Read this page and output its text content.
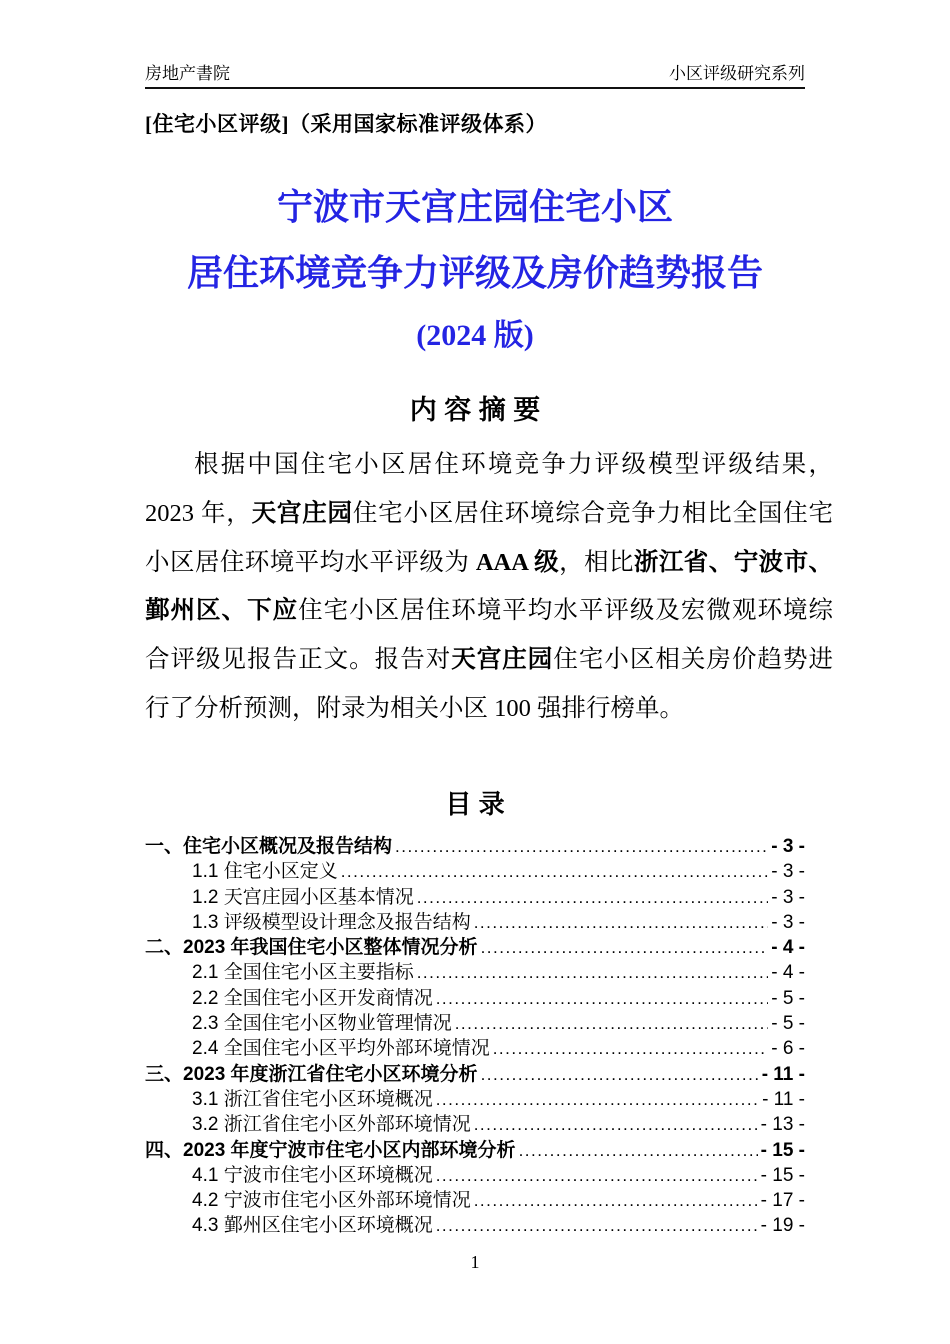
房地产書院	小区评级研究系列
[住宅小区评级]（采用国家标准评级体系）
宁波市天宫庄园住宅小区
居住环境竞争力评级及房价趋势报告
(2024 版)
内 容 摘 要
根据中国住宅小区居住环境竞争力评级模型评级结果，
2023 年，天宫庄园住宅小区居住环境综合竞争力相比全国住宅
小区居住环境平均水平评级为 AAA 级，相比浙江省、宁波市、
鄞州区、下应住宅小区居住环境平均水平评级及宏微观环境综
合评级见报告正文。报告对天宫庄园住宅小区相关房价趋势进
行了分析预测，附录为相关小区 100 强排行榜单。
目 录
一、住宅小区概况及报告结构 .....	- 3 -
1.1 住宅小区定义 .....	- 3 -
1.2 天宫庄园小区基本情况 .....	- 3 -
1.3 评级模型设计理念及报告结构 .....	- 3 -
二、2023 年我国住宅小区整体情况分析 .....	- 4 -
2.1 全国住宅小区主要指标 .....	- 4 -
2.2 全国住宅小区开发商情况 .....	- 5 -
2.3 全国住宅小区物业管理情况 .....	- 5 -
2.4 全国住宅小区平均外部环境情况 .....	- 6 -
三、2023 年度浙江省住宅小区环境分析 .....	- 11 -
3.1 浙江省住宅小区环境概况 .....	- 11 -
3.2 浙江省住宅小区外部环境情况 .....	- 13 -
四、2023 年度宁波市住宅小区内部环境分析 .....	- 15 -
4.1 宁波市住宅小区环境概况 .....	- 15 -
4.2 宁波市住宅小区外部环境情况 .....	- 17 -
4.3 鄞州区住宅小区环境概况 .....	- 19 -
1
